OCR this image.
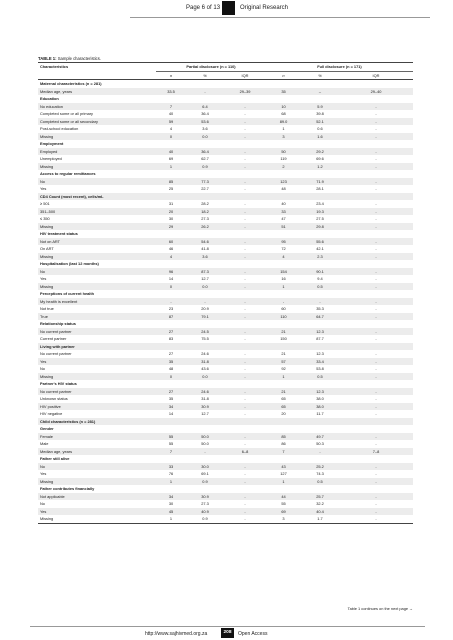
Page 6 of 13	Original Research
TABLE 1: Sample characteristics.
Characteristics	Partial disclosure (n = 110)			Full disclosure (n = 171)		
	n	%	IQR	n	%	IQR
Maternal characteristics (n = 281)						
Median age, years	33.5	-	29–39	35	–	29–40
Education						
No education	7	6.4	-	10	5.9	-
Completed some or all primary	40	36.4	-	68	39.8	-
Completed some or all secondary	59	53.6	-	89.0	52.1	-
Post-school education	4	3.6	-	1	0.6	-
Missing	0	0.0	-	3	1.6	-
Employment						
Employed	40	36.4	-	50	29.2	-
Unemployed	69	62.7	-	119	69.6	-
Missing	1	0.9	-	2	1.2	-
Access to regular remittances						
No	85	77.3	-	123	71.9	-
Yes	25	22.7	-	48	28.1	-
CD4 Count (most recent), cells/mL						
≥ 501	31	28.2	-	40	23.4	-
351–500	20	18.2	-	33	19.3	-
≤ 350	30	27.3	-	47	27.5	-
Missing	29	26.2	-	51	29.8	-
HIV treatment status						
Not on ART	60	54.6	-	95	55.6	-
On ART	46	41.8	-	72	42.1	-
Missing	4	3.6	-	4	2.3	-
Hospitalisation (last 12 months)						
No	96	87.3	-	154	90.1	-
Yes	14	12.7	-	16	9.4	-
Missing	0	0.0	-	1	0.5	-
Perceptions of current health						
My health is excellent	-	-	-	-	-	-
Not true	23	20.9	-	60	35.3	-
True	87	79.1	-	110	64.7	-
Relationship status						
No current partner	27	24.5	-	21	12.3	-
Current partner	83	75.5	-	150	87.7	-
Living with partner						
No current partner	27	24.6	-	21	12.3	-
Yes	35	31.8	-	57	33.4	-
No	48	43.6	-	92	53.8	-
Missing	0	0.0	-	1	0.5	-
Partner's HIV status						
No current partner	27	24.6	-	21	12.3	-
Unknown status	35	31.8	-	65	38.0	-
HIV positive	34	30.9	-	65	38.0	-
HIV negative	14	12.7	-	20	11.7	-
Child characteristics (n = 281)						
Gender						
Female	55	50.0	-	85	49.7	-
Male	55	50.0	-	86	50.3	-
Median age, years	7	-	6–8	7	-	7–8
Father still alive						
No	33	30.0	-	43	25.2	-
Yes	76	69.1	-	127	74.3	-
Missing	1	0.9	-	1	0.5	-
Father contributes financially						
Not applicable	34	30.9	-	44	25.7	-
No	30	27.3	-	55	32.2	-
Yes	45	40.9	-	69	40.4	-
Missing	1	0.9	-	3	1.7	-
Table 1 continues on the next page →
http://www.sajhivmed.org.za	208	Open Access
